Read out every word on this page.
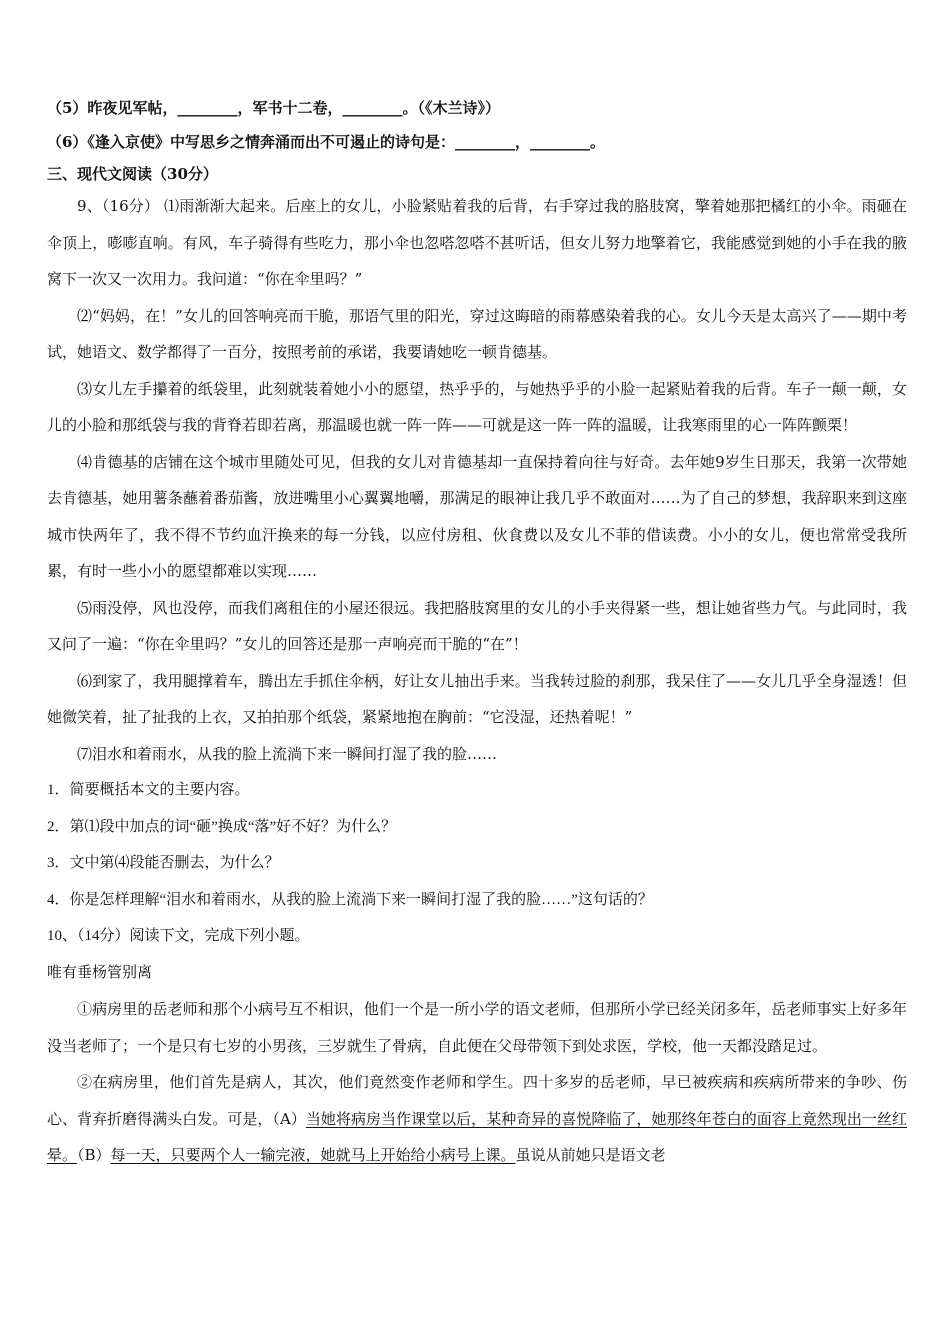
（5）昨夜见军帖，________，军书十二卷，________。（《木兰诗》）
（6）《逢入京使》中写思乡之情奔涌而出不可遏止的诗句是：________，________。
三、现代文阅读（30分）

9、（16分） ⑴雨渐渐大起来。后座上的女儿，小脸紧贴着我的后背，右手穿过我的胳肢窝，擎着她那把橘红的小伞。雨砸在伞顶上，嘭嘭直响。有风，车子骑得有些吃力，那小伞也忽嗒忽嗒不甚听话，但女儿努力地擎着它，我能感觉到她的小手在我的腋窝下一次又一次用力。我问道：“你在伞里吗？”

⑵“妈妈，在！”女儿的回答响亮而干脆，那语气里的阳光，穿过这晦暗的雨幕感染着我的心。女儿今天是太高兴了——期中考试，她语文、数学都得了一百分，按照考前的承诺，我要请她吃一顿肯德基。

⑶女儿左手攥着的纸袋里，此刻就装着她小小的愿望，热乎乎的，与她热乎乎的小脸一起紧贴着我的后背。车子一颠一颠，女儿的小脸和那纸袋与我的背脊若即若离，那温暖也就一阵一阵——可就是这一阵一阵的温暖，让我寒雨里的心一阵阵颤栗！

⑷肯德基的店铺在这个城市里随处可见，但我的女儿对肯德基却一直保持着向往与好奇。去年她9岁生日那天，我第一次带她去肯德基，她用薯条蘸着番茄酱，放进嘴里小心翼翼地嚼，那满足的眼神让我几乎不敢面对……为了自己的梦想，我辞职来到这座城市快两年了，我不得不节约血汗换来的每一分钱，以应付房租、伙食费以及女儿不菲的借读费。小小的女儿，便也常常受我所累，有时一些小小的愿望都难以实现……

⑸雨没停，风也没停，而我们离租住的小屋还很远。我把胳肢窝里的女儿的小手夹得紧一些，想让她省些力气。与此同时，我又问了一遍：“你在伞里吗？”女儿的回答还是那一声响亮而干脆的“在”！

⑹到家了，我用腿撑着车，腾出左手抓住伞柄，好让女儿抽出手来。当我转过脸的刹那，我呆住了——女儿几乎全身湿透！但她微笑着，扯了扯我的上衣，又拍拍那个纸袋，紧紧地抱在胸前：“它没湿，还热着呢！”

⑺泪水和着雨水，从我的脸上流淌下来一瞬间打湿了我的脸……

1．简要概括本文的主要内容。

2．第⑴段中加点的词“砸”换成“落”好不好？为什么？

3．文中第⑷段能否删去，为什么？

4．你是怎样理解“泪水和着雨水，从我的脸上流淌下来一瞬间打湿了我的脸……”这句话的？

10、（14分）阅读下文，完成下列小题。

唯有垂杨管别离

①病房里的岳老师和那个小病号互不相识，他们一个是一所小学的语文老师，但那所小学已经关闭多年，岳老师事实上好多年没当老师了；一个是只有七岁的小男孩，三岁就生了骨病，自此便在父母带领下到处求医，学校，他一天都没踏足过。

②在病房里，他们首先是病人，其次，他们竟然变作老师和学生。四十多岁的岳老师，早已被疾病和疾病所带来的争吵、伤心、背弃折磨得满头白发。可是，（A）当她将病房当作课堂以后，某种奇异的喜悦降临了，她那终年苍白的面容上竟然现出一丝红晕。（B）每一天，只要两个人一输完液，她就马上开始给小病号上课。虽说从前她只是语文老
